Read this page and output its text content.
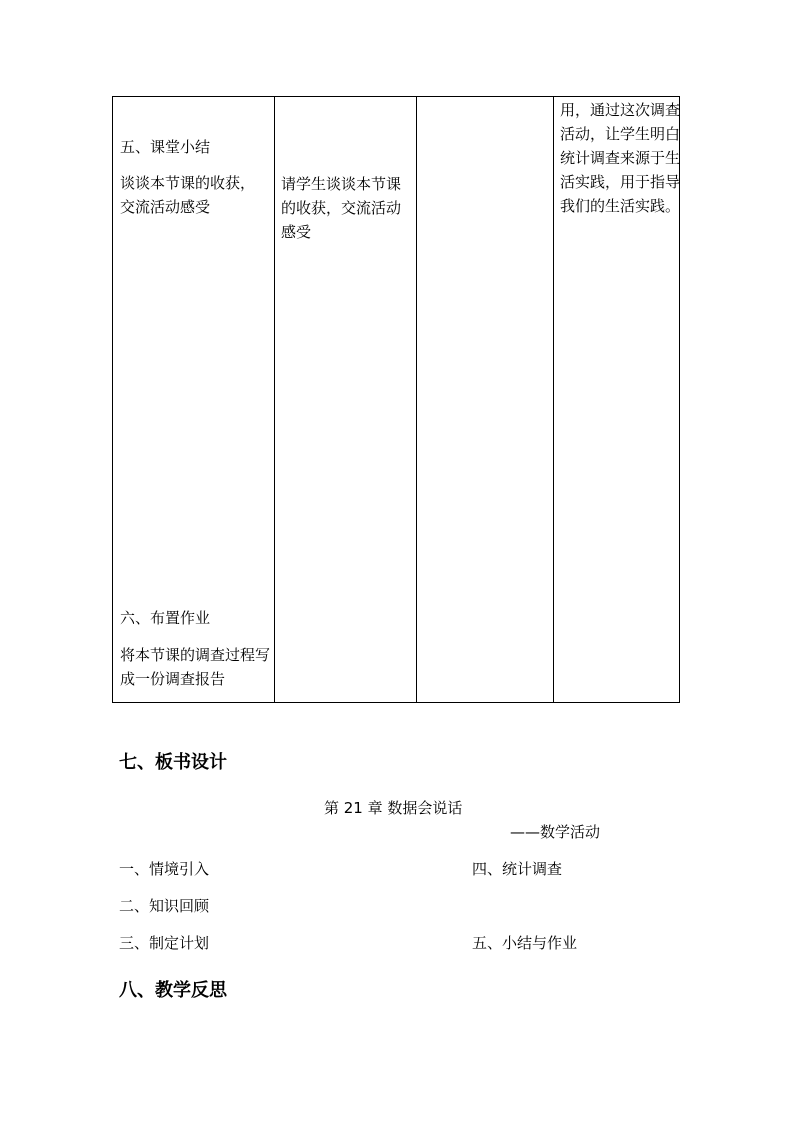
五、课堂小结
谈谈本节课的收获，交流活动感受
六、布置作业
将本节课的调查过程写成一份调查报告
请学生谈谈本节课的收获，交流活动感受
用，通过这次调查活动，让学生明白统计调查来源于生活实践，用于指导我们的生活实践。
七、板书设计
第 21 章 数据会说话
——数学活动
一、情境引入
二、知识回顾
三、制定计划
四、统计调查
五、小结与作业
八、教学反思
